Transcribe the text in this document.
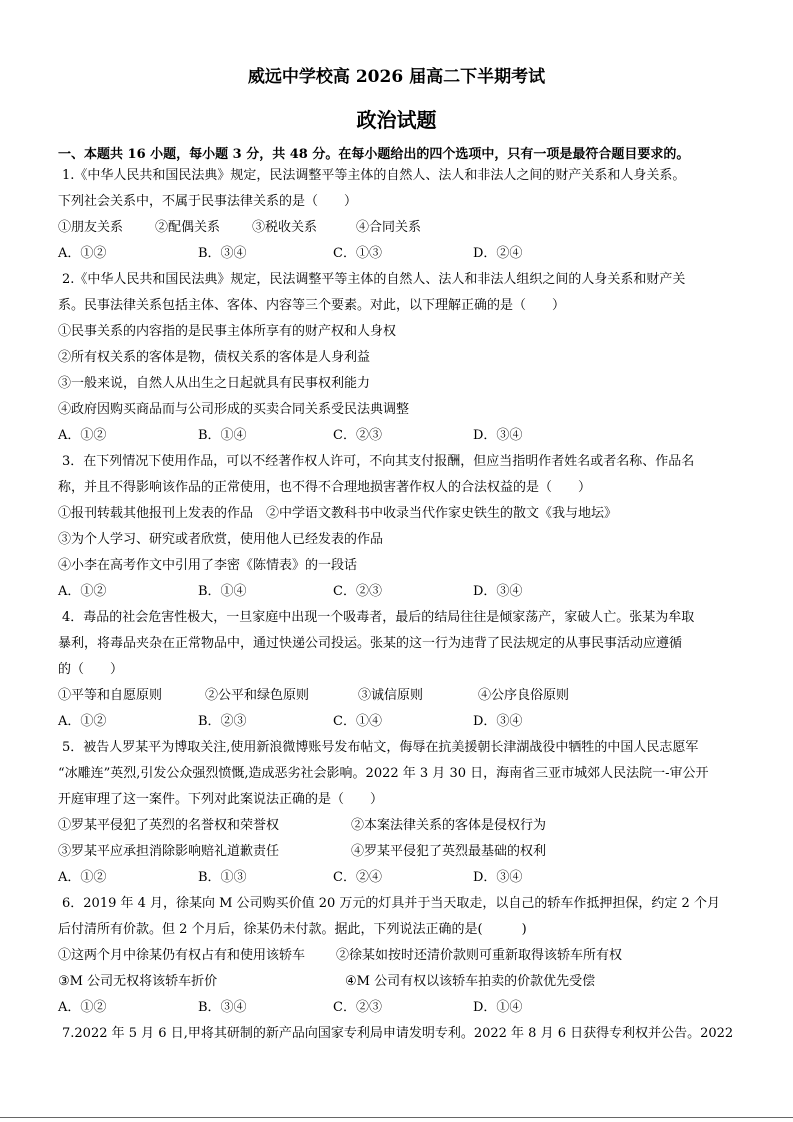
威远中学校高 2026 届高二下半期考试
政治试题
一、本题共 16 小题，每小题 3 分，共 48 分。在每小题给出的四个选项中，只有一项是最符合题目要求的。
1.《中华人民共和国民法典》规定，民法调整平等主体的自然人、法人和非法人之间的财产关系和人身关系。
下列社会关系中，不属于民事法律关系的是（　　）
①朋友关系 ②配偶关系 ③税收关系	④合同关系
A．①②	B．③④	C．①③	D．②④
2.《中华人民共和国民法典》规定，民法调整平等主体的自然人、法人和非法人组织之间的人身关系和财产关
系。民事法律关系包括主体、客体、内容等三个要素。对此，以下理解正确的是（　　）
①民事关系的内容指的是民事主体所享有的财产权和人身权
②所有权关系的客体是物，债权关系的客体是人身利益
③一般来说，自然人从出生之日起就具有民事权利能力
④政府因购买商品而与公司形成的买卖合同关系受民法典调整
A．①②	B．①④	C．②③	D．③④
3．在下列情况下使用作品，可以不经著作权人许可，不向其支付报酬，但应当指明作者姓名或者名称、作品名
称，并且不得影响该作品的正常使用，也不得不合理地损害著作权人的合法权益的是（　　）
①报刊转载其他报刊上发表的作品　②中学语文教科书中收录当代作家史铁生的散文《我与地坛》
③为个人学习、研究或者欣赏，使用他人已经发表的作品
④小李在高考作文中引用了李密《陈情表》的一段话
A．①②	B．①④	C．②③	D．③④
4．毒品的社会危害性极大，一旦家庭中出现一个吸毒者，最后的结局往往是倾家荡产，家破人亡。张某为牟取
暴利，将毒品夹杂在正常物品中，通过快递公司投运。张某的这一行为违背了民法规定的从事民事活动应遵循
的（　　）
①平等和自愿原则	②公平和绿色原则	③诚信原则	④公序良俗原则
A．①②	B．②③	C．①④	D．③④
5．被告人罗某平为博取关注,使用新浪微博账号发布帖文，侮辱在抗美援朝长津湖战役中牺牲的中国人民志愿军
“冰雕连”英烈,引发公众强烈愤慨,造成恶劣社会影响。2022 年 3 月 30 日，海南省三亚市城郊人民法院一-审公开
开庭审理了这一案件。下列对此案说法正确的是（　　）
①罗某平侵犯了英烈的名誉权和荣誉权	②本案法律关系的客体是侵权行为
③罗某平应承担消除影响赔礼道歉责任	④罗某平侵犯了英烈最基础的权利
A．①②	B．①③	C．②④	D．③④
6．2019 年 4 月，徐某向 M 公司购买价值 20 万元的灯具并于当天取走，以自己的轿车作抵押担保，约定 2 个月
后付清所有价款。但 2 个月后，徐某仍未付款。据此，下列说法正确的是(　　　)
①这两个月中徐某仍有权占有和使用该轿车 ②徐某如按时还清价款则可重新取得该轿车所有权
③M 公司无权将该轿车折价	④M 公司有权以该轿车拍卖的价款优先受偿
A．①②	B．③④	C．②③	D．①④
7.2022 年 5 月 6 日,甲将其研制的新产品向国家专利局申请发明专利。2022 年 8 月 6 日获得专利权并公告。2022
